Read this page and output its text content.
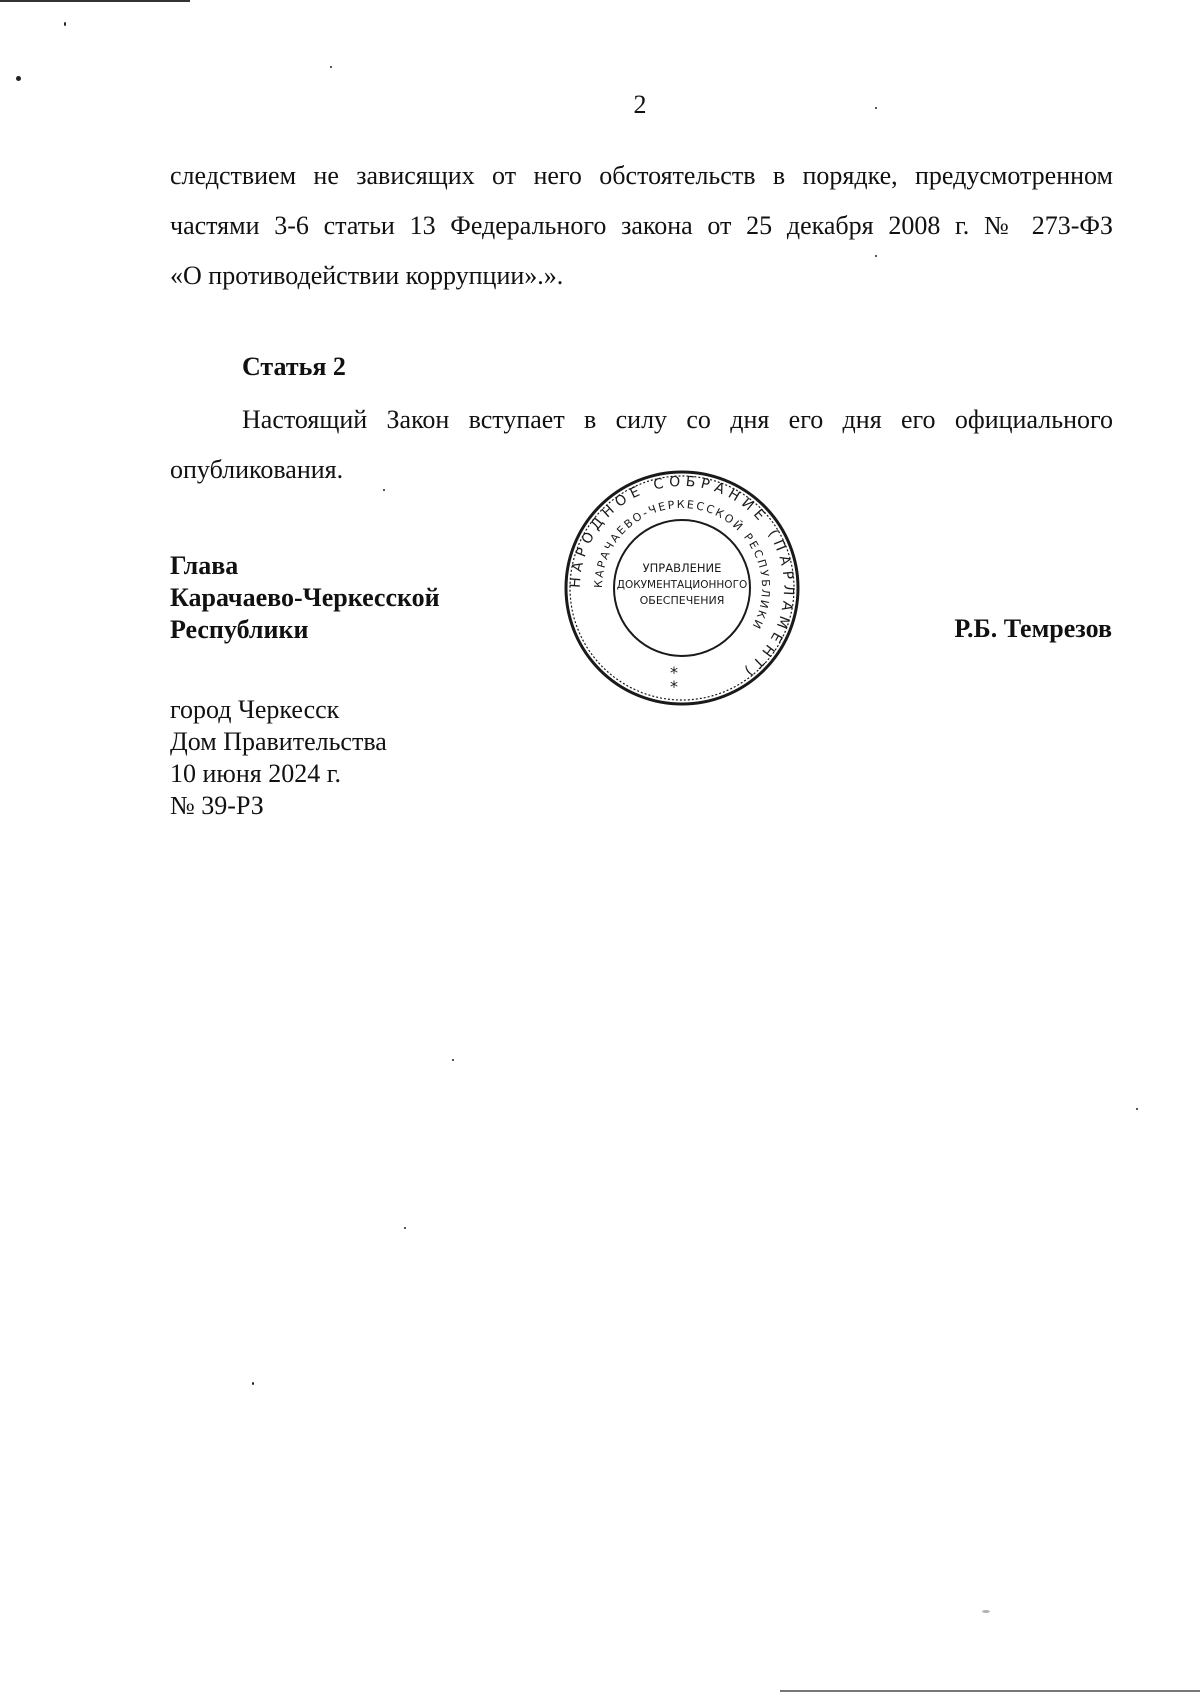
2

следствием не зависящих от него обстоятельств в порядке, предусмотренном
частями 3-6 статьи 13 Федерального закона от 25 декабря 2008 г. № 273-ФЗ
«О противодействии коррупции».».

Статья 2

Настоящий Закон вступает в силу со дня его дня его официального
опубликования.

Глава
Карачаево-Черкесской
Республики	Р.Б. Темрезов
город Черкесск
Дом Правительства
10 июня 2024 г.
№ 39-РЗ
НАРОДНОЕ СОБРАНИЕ (ПАРЛАМЕНТ)
КАРАЧАЕВО-ЧЕРКЕССКОЙ РЕСПУБЛИКИ
УПРАВЛЕНИЕ
ДОКУМЕНТАЦИОННОГО
ОБЕСПЕЧЕНИЯ
*
*
